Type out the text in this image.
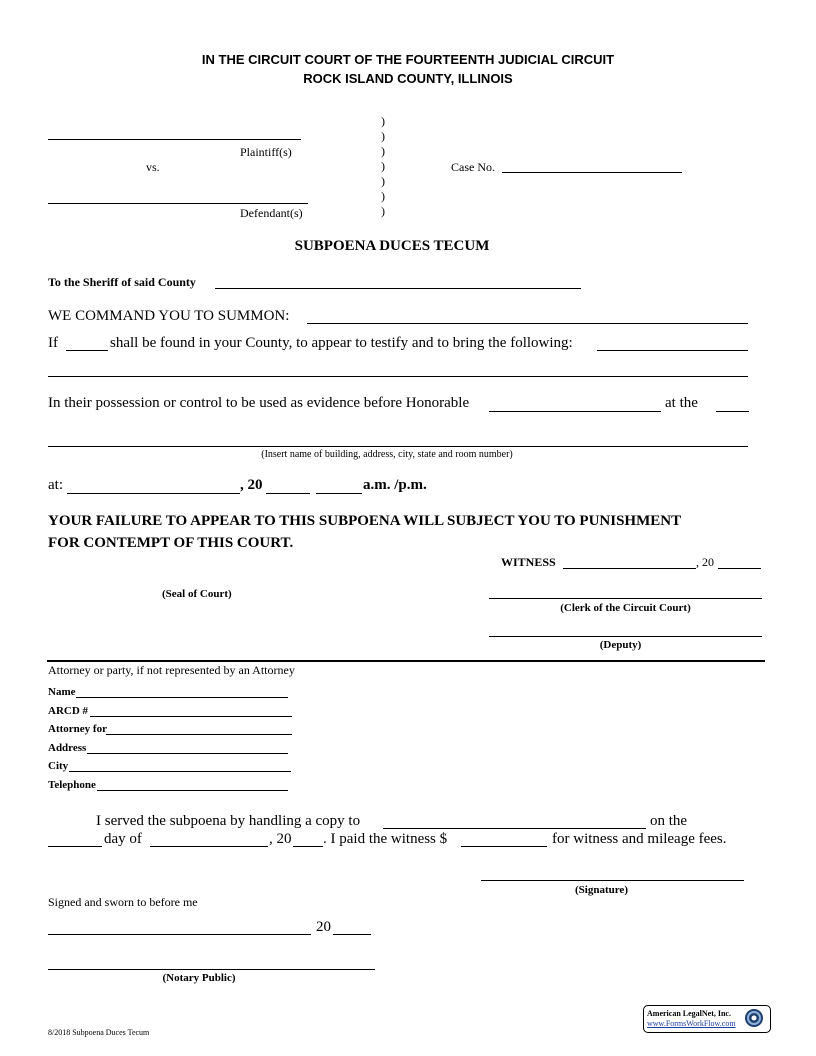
IN THE CIRCUIT COURT OF THE FOURTEENTH JUDICIAL CIRCUIT
ROCK ISLAND COUNTY, ILLINOIS
Plaintiff(s)
vs.
Defendant(s)
)
)
)
)
)
)
)
Case No.
SUBPOENA DUCES TECUM
To the Sheriff of said County
WE COMMAND YOU TO SUMMON:
If	shall be found in your County, to appear to testify and to bring the following:
In their possession or control to be used as evidence before Honorable	at the
(Insert name of building, address, city, state and room number)
at:	, 20	a.m. /p.m.
YOUR FAILURE TO APPEAR TO THIS SUBPOENA WILL SUBJECT YOU TO PUNISHMENT
FOR CONTEMPT OF THIS COURT.
WITNESS	, 20
(Seal of Court)
(Clerk of the Circuit Court)
(Deputy)
Attorney or party, if not represented by an Attorney
Name
ARCD #
Attorney for
Address
City
Telephone
I served the subpoena by handling a copy to	on the
day of	, 20 . I paid the witness $	for witness and mileage fees.
(Signature)
Signed and sworn to before me
20
(Notary Public)
8/2018 Subpoena Duces Tecum
American LegalNet, Inc.
www.FormsWorkFlow.com
